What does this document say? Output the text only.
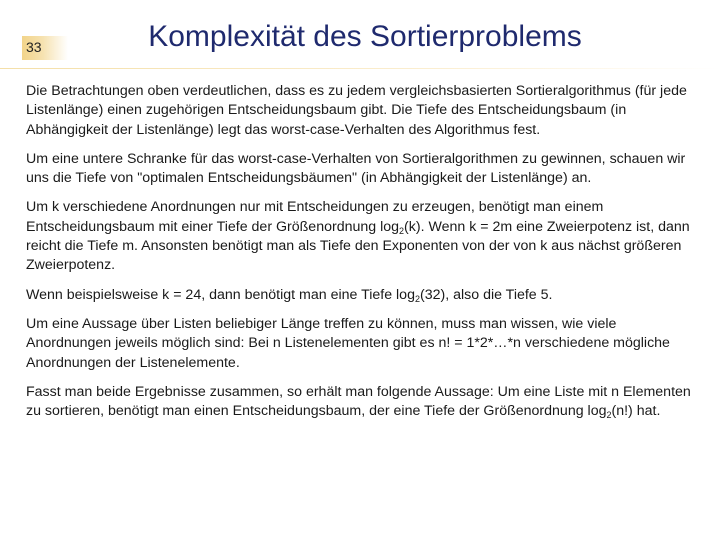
33	Komplexität des Sortierproblems

Die Betrachtungen oben verdeutlichen, dass es zu jedem vergleichsbasierten Sortieralgorithmus (für jede Listenlänge) einen zugehörigen Entscheidungsbaum gibt. Die Tiefe des Entscheidungsbaum (in Abhängigkeit der Listenlänge) legt das worst-case-Verhalten des Algorithmus fest.

Um eine untere Schranke für das worst-case-Verhalten von Sortieralgorithmen zu gewinnen, schauen wir uns die Tiefe von "optimalen Entscheidungsbäumen" (in Abhängigkeit der Listenlänge) an.

Um k verschiedene Anordnungen nur mit Entscheidungen zu erzeugen, benötigt man einem Entscheidungsbaum mit einer Tiefe der Größenordnung $\log_2(k)$. Wenn k = 2m eine Zweierpotenz ist, dann reicht die Tiefe m. Ansonsten benötigt man als Tiefe den Exponenten von der von k aus nächst größeren Zweierpotenz.

Wenn beispielsweise k = 24, dann benötigt man eine Tiefe $\log_2(32)$, also die Tiefe 5.

Um eine Aussage über Listen beliebiger Länge treffen zu können, muss man wissen, wie viele Anordnungen jeweils möglich sind: Bei n Listenelementen gibt es n! = 1*2*…*n verschiedene mögliche Anordnungen der Listenelemente.

Fasst man beide Ergebnisse zusammen, so erhält man folgende Aussage: Um eine Liste mit n Elementen zu sortieren, benötigt man einen Entscheidungsbaum, der eine Tiefe der Größenordnung $\log_2(n!)$ hat.
